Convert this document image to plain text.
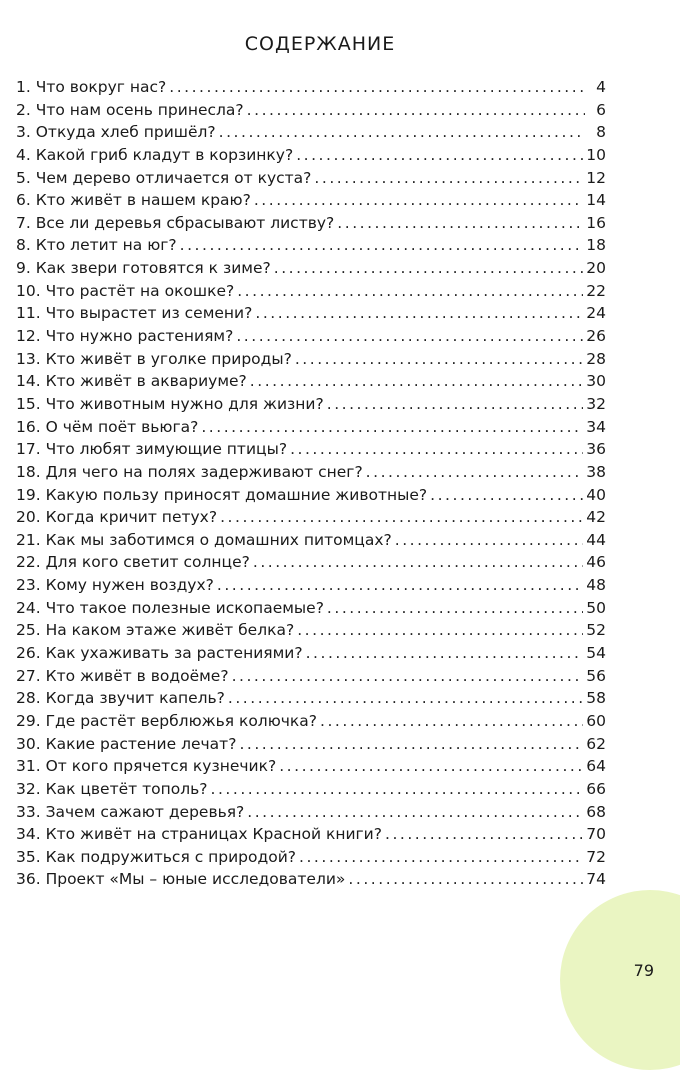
СОДЕРЖАНИЕ
1. Что вокруг нас? . . .	4
2. Что нам осень принесла? . . .	6
3. Откуда хлеб пришёл? . . .	8
4. Какой гриб кладут в корзинку? . . .	10
5. Чем дерево отличается от куста? . . .	12
6. Кто живёт в нашем краю? . . .	14
7. Все ли деревья сбрасывают листву? . . .	16
8. Кто летит на юг? . . .	18
9. Как звери готовятся к зиме? . . .	20
10. Что растёт на окошке? . . .	22
11. Что вырастет из семени? . . .	24
12. Что нужно растениям? . . .	26
13. Кто живёт в уголке природы? . . .	28
14. Кто живёт в аквариуме? . . .	30
15. Что животным нужно для жизни? . . .	32
16. О чём поёт вьюга? . . .	34
17. Что любят зимующие птицы? . . .	36
18. Для чего на полях задерживают снег? . . .	38
19. Какую пользу приносят домашние животные? . . .	40
20. Когда кричит петух? . . .	42
21. Как мы заботимся о домашних питомцах? . . .	44
22. Для кого светит солнце? . . .	46
23. Кому нужен воздух? . . .	48
24. Что такое полезные ископаемые? . . .	50
25. На каком этаже живёт белка? . . .	52
26. Как ухаживать за растениями? . . .	54
27. Кто живёт в водоёме? . . .	56
28. Когда звучит капель? . . .	58
29. Где растёт верблюжья колючка? . . .	60
30. Какие растение лечат? . . .	62
31. От кого прячется кузнечик? . . .	64
32. Как цветёт тополь? . . .	66
33. Зачем сажают деревья? . . .	68
34. Кто живёт на страницах Красной книги? . . .	70
35. Как подружиться с природой? . . .	72
36. Проект «Мы – юные исследователи» . . .	74
79
